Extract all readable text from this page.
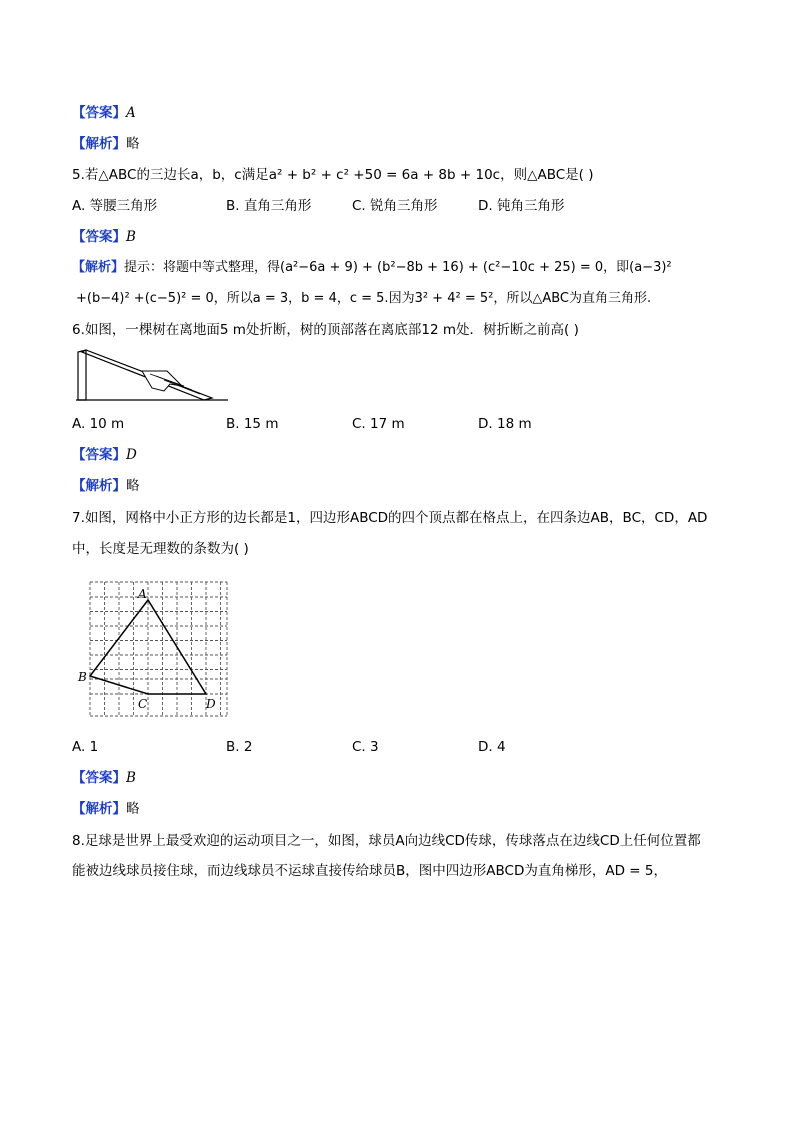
【答案】A
【解析】略
5.若△ABC的三边长a，b，c满足a² + b² + c² +50 = 6a + 8b + 10c，则△ABC是( )
A. 等腰三角形	B. 直角三角形	C. 锐角三角形	D. 钝角三角形
【答案】B
【解析】提示：将题中等式整理，得(a²−6a + 9) + (b²−8b + 16) + (c²−10c + 25) = 0，即(a−3)²
+(b−4)² +(c−5)² = 0，所以a = 3，b = 4，c = 5.因为3² + 4² = 5²，所以△ABC为直角三角形.
6.如图，一棵树在离地面5 m处折断，树的顶部落在离底部12 m处．树折断之前高( )
A. 10 m	B. 15 m	C. 17 m	D. 18 m
【答案】D
【解析】略
7.如图，网格中小正方形的边长都是1，四边形ABCD的四个顶点都在格点上，在四条边AB，BC，CD，AD
中，长度是无理数的条数为( )
A
B
C	D
A. 1	B. 2	C. 3	D. 4
【答案】B
【解析】略
8.足球是世界上最受欢迎的运动项目之一，如图，球员A向边线CD传球，传球落点在边线CD上任何位置都
能被边线球员接住球，而边线球员不运球直接传给球员B，图中四边形ABCD为直角梯形，AD = 5，
